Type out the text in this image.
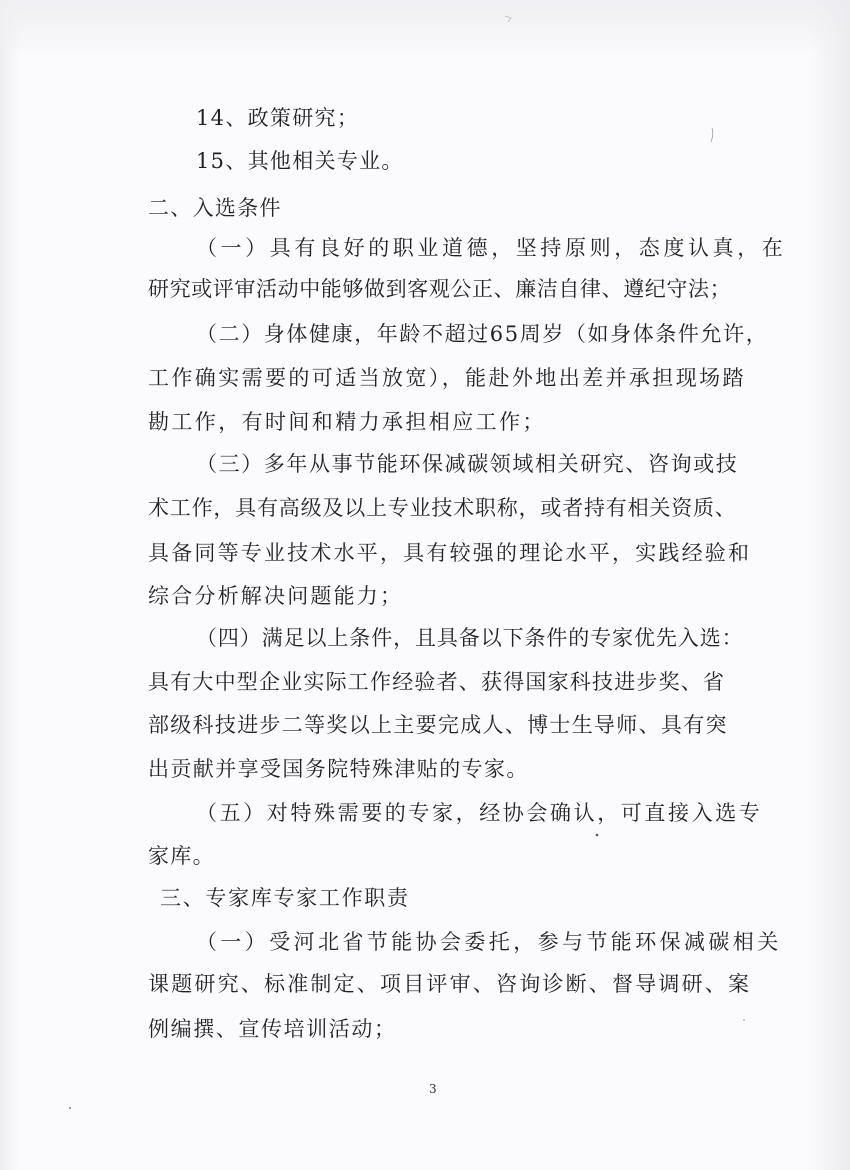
14、政策研究；
15、其他相关专业。
二、入选条件
（一）具有良好的职业道德，坚持原则，态度认真，在
研究或评审活动中能够做到客观公正、廉洁自律、遵纪守法；
（二）身体健康，年龄不超过65周岁（如身体条件允许，
工作确实需要的可适当放宽），能赴外地出差并承担现场踏
勘工作，有时间和精力承担相应工作；
（三）多年从事节能环保减碳领域相关研究、咨询或技
术工作，具有高级及以上专业技术职称，或者持有相关资质、
具备同等专业技术水平，具有较强的理论水平，实践经验和
综合分析解决问题能力；
（四）满足以上条件，且具备以下条件的专家优先入选：
具有大中型企业实际工作经验者、获得国家科技进步奖、省
部级科技进步二等奖以上主要完成人、博士生导师、具有突
出贡献并享受国务院特殊津贴的专家。
（五）对特殊需要的专家，经协会确认，可直接入选专
家库。
三、专家库专家工作职责
（一）受河北省节能协会委托，参与节能环保减碳相关
课题研究、标准制定、项目评审、咨询诊断、督导调研、案
例编撰、宣传培训活动；
3
